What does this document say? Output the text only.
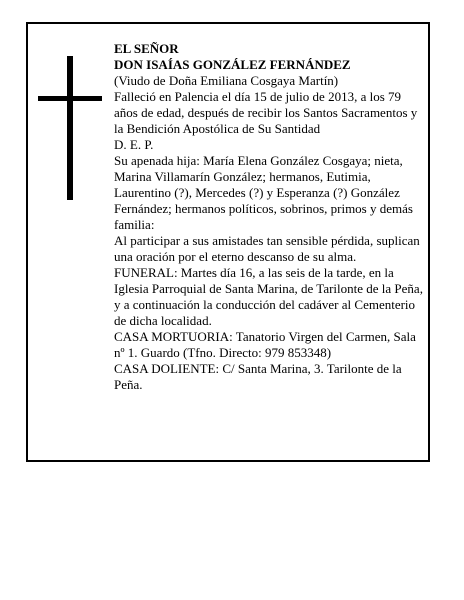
EL SEÑOR

DON ISAÍAS GONZÁLEZ FERNÁNDEZ

(Viudo de Doña Emiliana Cosgaya Martín)

Falleció en Palencia el día 15 de julio de 2013, a los 79 años de edad, después de recibir los Santos Sacramentos y la Bendición Apostólica de Su Santidad

D. E. P.

Su apenada hija: María Elena González Cosgaya; nieta, Marina Villamarín González; hermanos, Eutimia, Laurentino (?), Mercedes (?) y Esperanza (?) González Fernández; hermanos políticos, sobrinos, primos y demás familia:

Al participar a sus amistades tan sensible pérdida, suplican una oración por el eterno descanso de su alma.

FUNERAL: Martes día 16, a las seis de la tarde, en la Iglesia Parroquial de Santa Marina, de Tarilonte de la Peña, y a continuación la conducción del cadáver al Cementerio de dicha localidad.

CASA MORTUORIA: Tanatorio Virgen del Carmen, Sala nº 1. Guardo (Tfno. Directo: 979 853348)

CASA DOLIENTE: C/ Santa Marina, 3. Tarilonte de la Peña.
